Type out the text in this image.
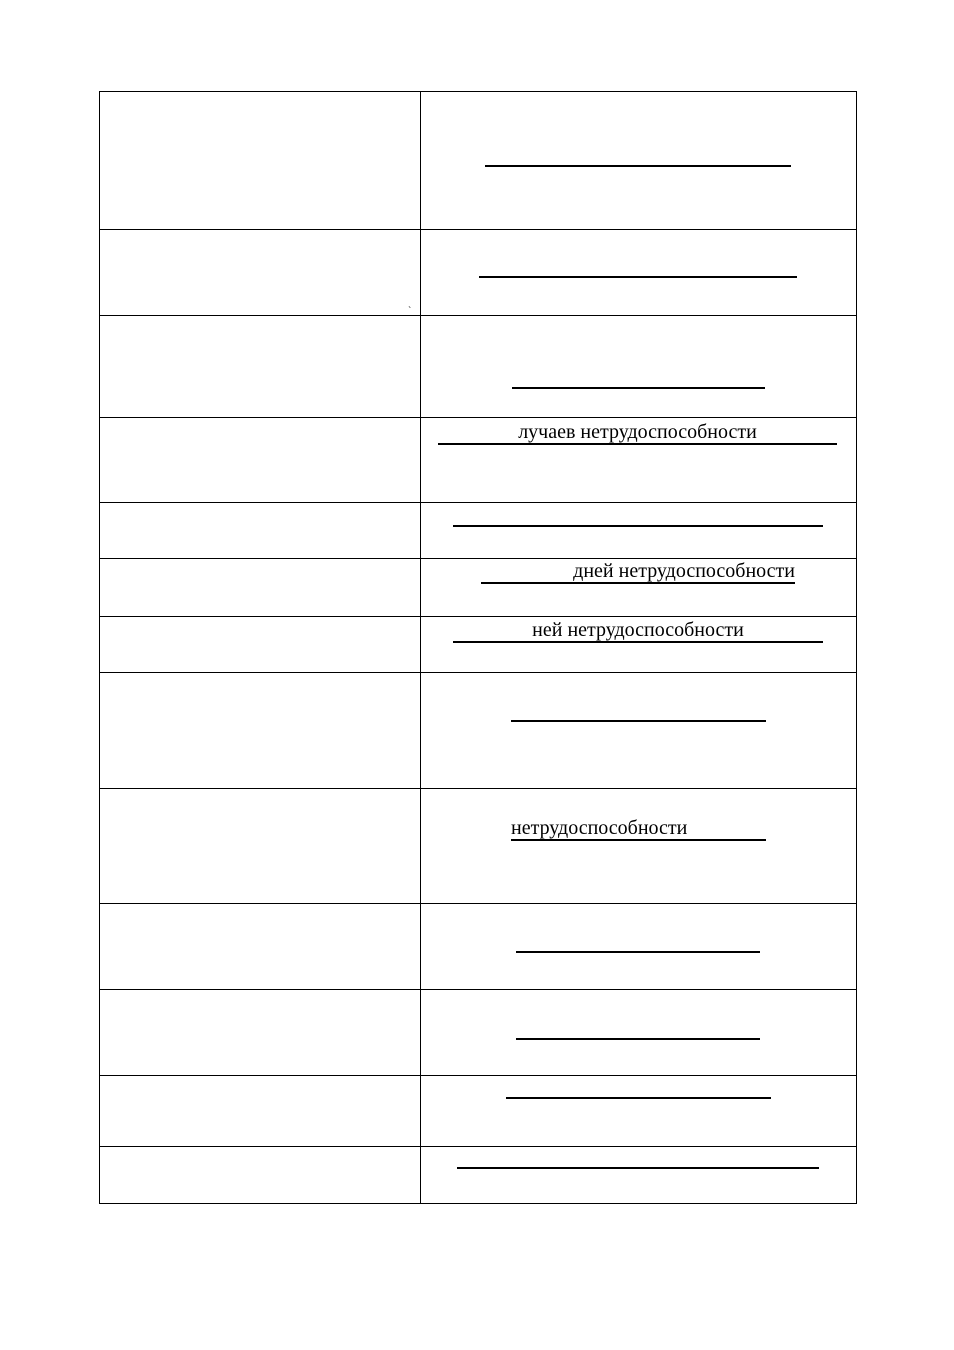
`	

	лучаев нетрудоспособности

	дней нетрудоспособности

	ней нетрудоспособности

	нетрудоспособности
